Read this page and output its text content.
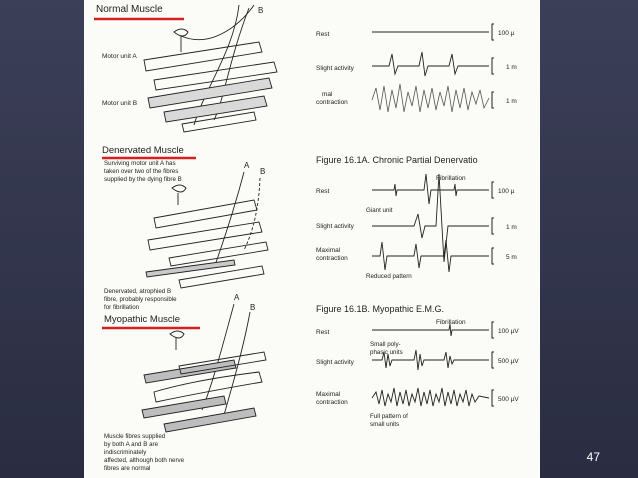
Normal Muscle	B
Motor unit A
Motor unit B
Denervated Muscle
Surviving motor unit A has
taken over two of the fibres
supplied by the dying fibre B
A
B
Denervated, atrophied B
fibre, probably responsible
for fibrillation
Myopathic Muscle
A
B
Muscle fibres supplied
by both A and B are
indiscriminately
affected, although both nerve
fibres are normal
Rest
Slight activity
mal
contraction
100 µ
1 m
1 m
Figure 16.1A. Chronic Partial Denervatio
Fibrillation
Rest
Giant unit
Slight activity
Maximal
contraction
Reduced pattern
100 µ
1 m
5 m
Figure 16.1B. Myopathic E.M.G.
Fibrillation
Rest
Small poly-
phasic units
Slight activity
Maximal
contraction
Full pattern of
small units
100 µV
500 µV
500 µV
47
